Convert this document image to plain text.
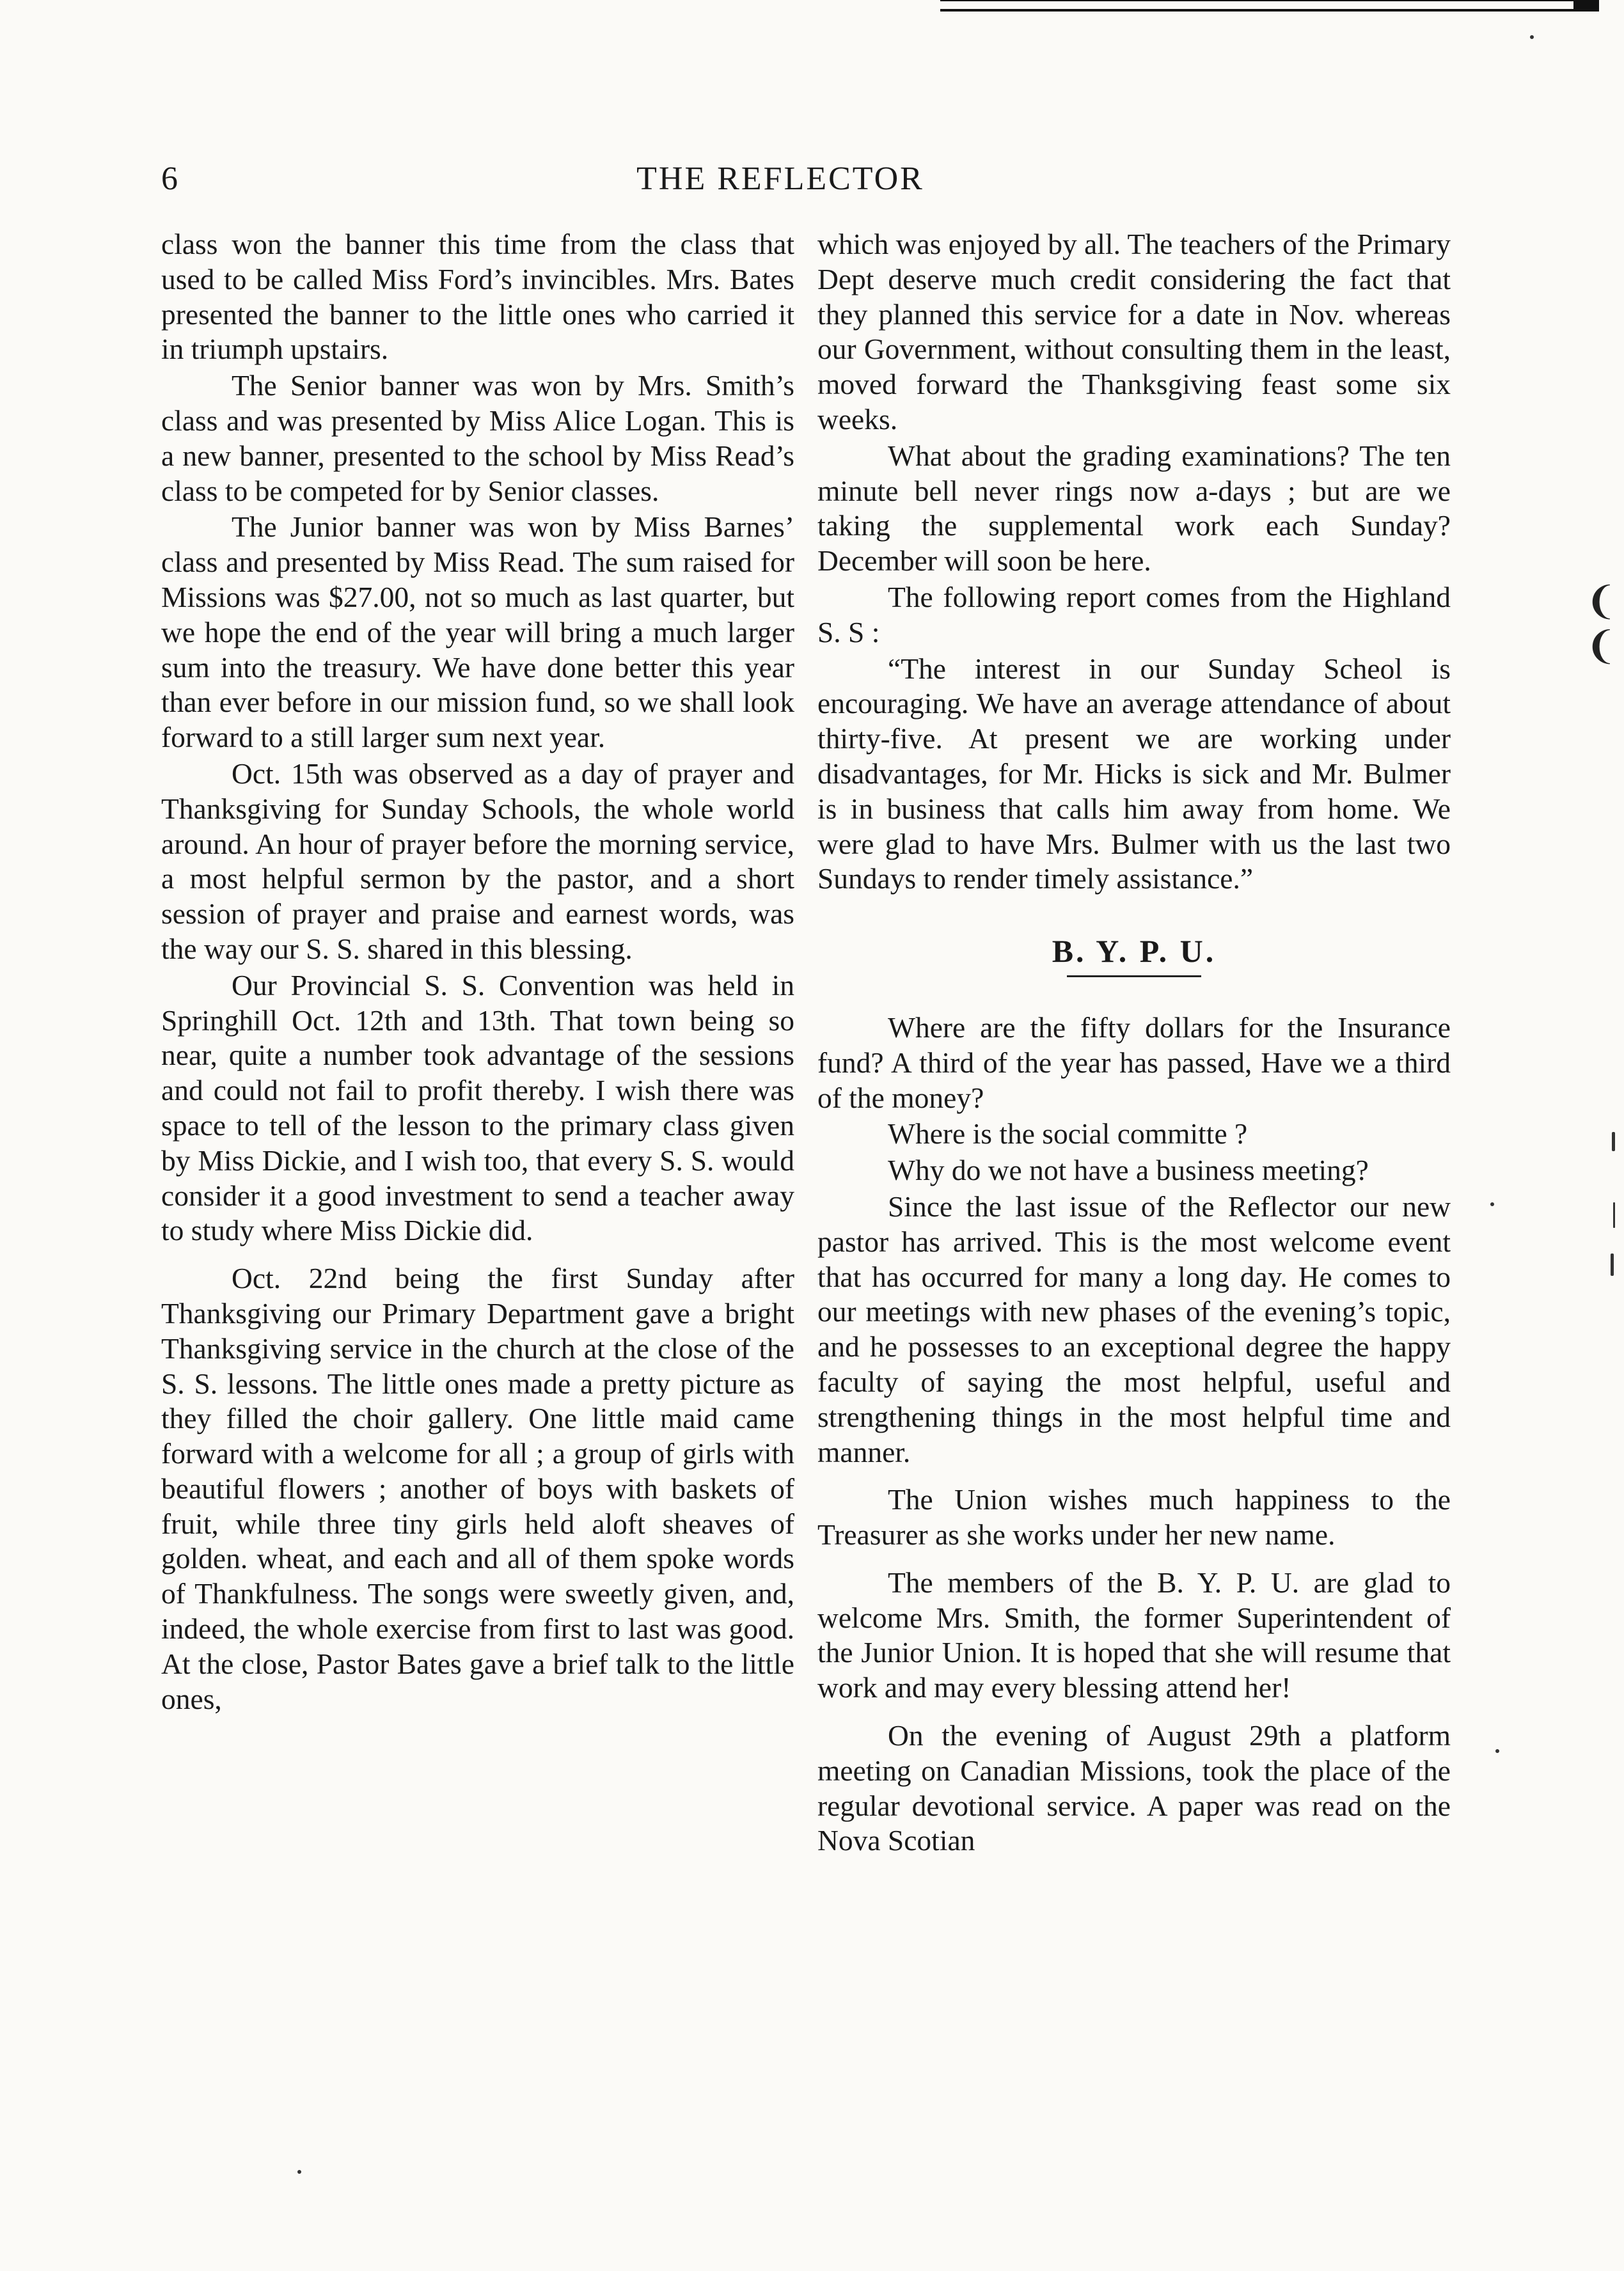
6	THE REFLECTOR

class won the banner this time from the class that used to be called Miss Ford’s invincibles. Mrs. Bates presented the banner to the little ones who carried it in triumph upstairs.

The Senior banner was won by Mrs. Smith’s class and was presented by Miss Alice Logan. This is a new banner, presented to the school by Miss Read’s class to be competed for by Senior classes.

The Junior banner was won by Miss Barnes’ class and presented by Miss Read. The sum raised for Missions was $27.00, not so much as last quarter, but we hope the end of the year will bring a much larger sum into the treasury. We have done better this year than ever before in our mission fund, so we shall look forward to a still larger sum next year.

Oct. 15th was observed as a day of prayer and Thanksgiving for Sunday Schools, the whole world around. An hour of prayer before the morning service, a most helpful sermon by the pastor, and a short session of prayer and praise and earnest words, was the way our S. S. shared in this blessing.

Our Provincial S. S. Convention was held in Springhill Oct. 12th and 13th. That town being so near, quite a number took advantage of the sessions and could not fail to profit thereby. I wish there was space to tell of the lesson to the primary class given by Miss Dickie, and I wish too, that every S. S. would consider it a good investment to send a teacher away to study where Miss Dickie did.

Oct. 22nd being the first Sunday after Thanksgiving our Primary Department gave a bright Thanksgiving service in the church at the close of the S. S. lessons. The little ones made a pretty picture as they filled the choir gallery. One little maid came forward with a welcome for all ; a group of girls with beautiful flowers ; another of boys with baskets of fruit, while three tiny girls held aloft sheaves of golden. wheat, and each and all of them spoke words of Thankfulness. The songs were sweetly given, and, indeed, the whole exercise from first to last was good. At the close, Pastor Bates gave a brief talk to the little ones,

which was enjoyed by all. The teachers of the Primary Dept deserve much credit considering the fact that they planned this service for a date in Nov. whereas our Government, without consulting them in the least, moved forward the Thanksgiving feast some six weeks.

What about the grading examinations? The ten minute bell never rings now a-days ; but are we taking the supplemental work each Sunday? December will soon be here.

The following report comes from the Highland S. S :

“The interest in our Sunday Scheol is encouraging. We have an average attendance of about thirty-five. At present we are working under disadvantages, for Mr. Hicks is sick and Mr. Bulmer is in business that calls him away from home. We were glad to have Mrs. Bulmer with us the last two Sundays to render timely assistance.”

B. Y. P. U.

Where are the fifty dollars for the Insurance fund? A third of the year has passed, Have we a third of the money?

Where is the social committe ?

Why do we not have a business meeting?

Since the last issue of the Reflector our new pastor has arrived. This is the most welcome event that has occurred for many a long day. He comes to our meetings with new phases of the evening’s topic, and he possesses to an exceptional degree the happy faculty of saying the most helpful, useful and strengthening things in the most helpful time and manner.

The Union wishes much happiness to the Treasurer as she works under her new name.

The members of the B. Y. P. U. are glad to welcome Mrs. Smith, the former Superintendent of the Junior Union. It is hoped that she will resume that work and may every blessing attend her!

On the evening of August 29th a platform meeting on Canadian Missions, took the place of the regular devotional service. A paper was read on the Nova Scotian

❨
❨
